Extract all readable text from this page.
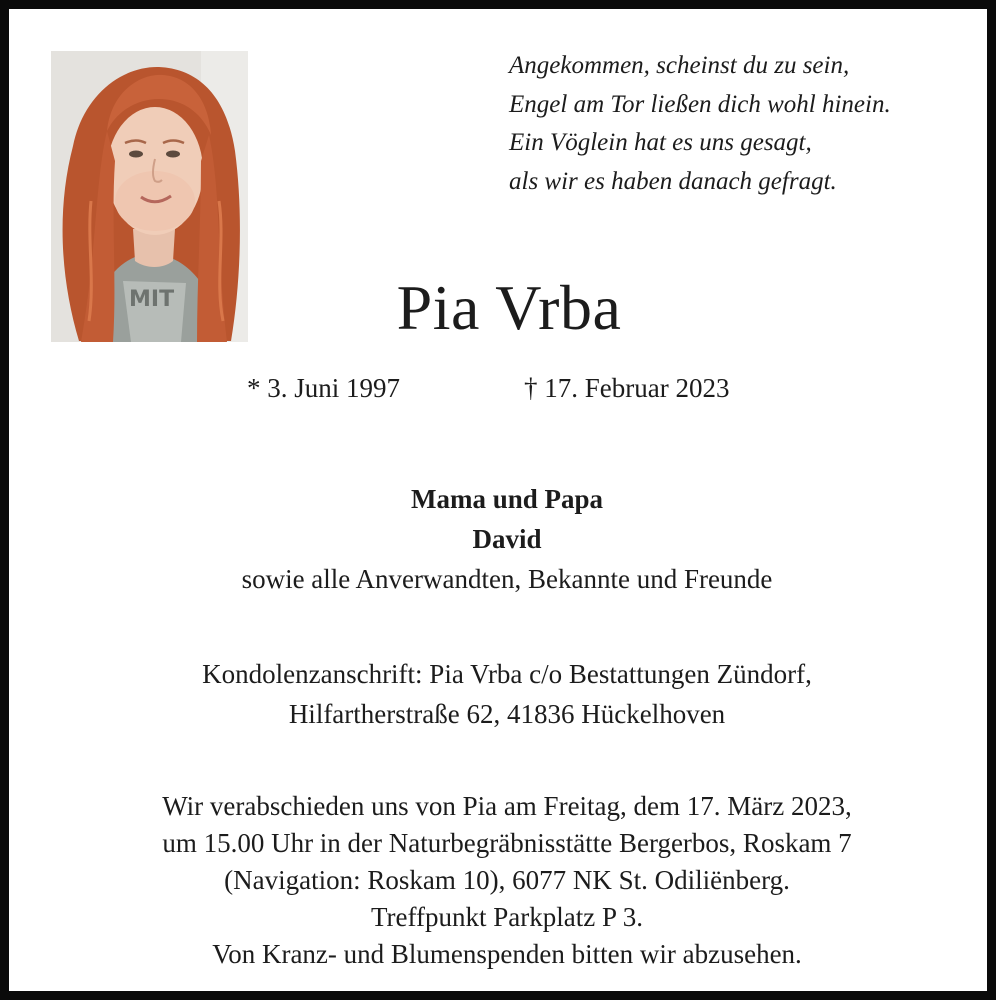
MIT
Angekommen, scheinst du zu sein,
Engel am Tor ließen dich wohl hinein.
Ein Vöglein hat es uns gesagt,
als wir es haben danach gefragt.
Pia Vrba
* 3. Juni 1997	† 17. Februar 2023
Mama und Papa
David
sowie alle Anverwandten, Bekannte und Freunde
Kondolenzanschrift: Pia Vrba c/o Bestattungen Zündorf,
Hilfartherstraße 62, 41836 Hückelhoven
Wir verabschieden uns von Pia am Freitag, dem 17. März 2023,
um 15.00 Uhr in der Naturbegräbnisstätte Bergerbos, Roskam 7
(Navigation: Roskam 10), 6077 NK St. Odiliënberg.
Treffpunkt Parkplatz P 3.
Von Kranz- und Blumenspenden bitten wir abzusehen.
